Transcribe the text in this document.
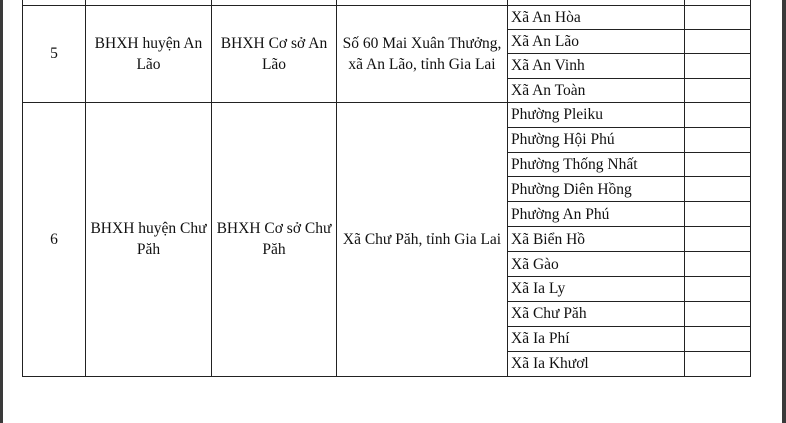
5	BHXH huyện An Lão	BHXH Cơ sở An Lão	Số 60 Mai Xuân Thưởng, xã An Lão, tỉnh Gia Lai	Xã An Hòa	
				Xã An Lão	
				Xã An Vinh	
				Xã An Toàn	
6	BHXH huyện Chư Păh	BHXH Cơ sở Chư Păh	Xã Chư Păh, tỉnh Gia Lai	Phường Pleiku	
				Phường Hội Phú	
				Phường Thống Nhất	
				Phường Diên Hồng	
				Phường An Phú	
				Xã Biển Hồ	
				Xã Gào	
				Xã Ia Ly	
				Xã Chư Păh	
				Xã Ia Phí	
				Xã Ia Khươl	
